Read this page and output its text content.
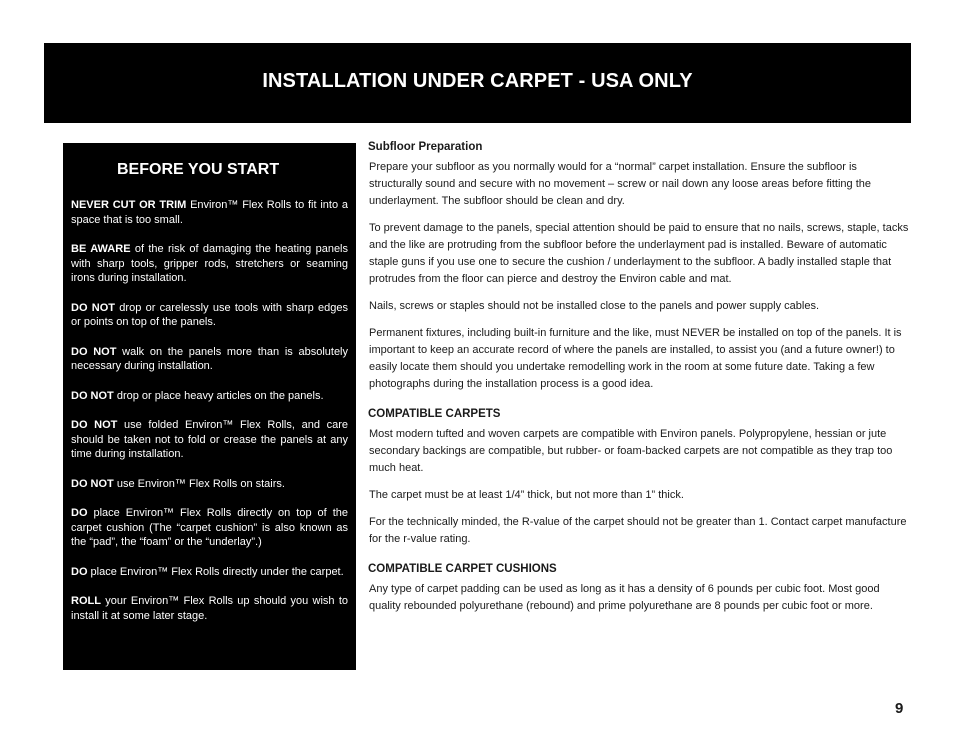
INSTALLATION UNDER CARPET - USA ONLY
BEFORE YOU START

NEVER CUT OR TRIM Environ™ Flex Rolls to fit into a space that is too small.

BE AWARE of the risk of damaging the heating panels with sharp tools, gripper rods, stretchers or seaming irons during installation.

DO NOT drop or carelessly use tools with sharp edges or points on top of the panels.

DO NOT walk on the panels more than is absolutely necessary during installation.

DO NOT drop or place heavy articles on the panels.

DO NOT use folded Environ™ Flex Rolls, and care should be taken not to fold or crease the panels at any time during installation.

DO NOT use Environ™ Flex Rolls on stairs.

DO place Environ™ Flex Rolls directly on top of the carpet cushion (The “carpet cushion” is also known as the “pad”, the “foam” or the “underlay”.)

DO place Environ™ Flex Rolls directly under the carpet.

ROLL your Environ™ Flex Rolls up should you wish to install it at some later stage.

Subfloor Preparation

Prepare your subfloor as you normally would for a “normal” carpet installation. Ensure the subfloor is structurally sound and secure with no movement – screw or nail down any loose areas before fitting the underlayment. The subfloor should be clean and dry.

To prevent damage to the panels, special attention should be paid to ensure that no nails, screws, staple, tacks and the like are protruding from the subfloor before the underlayment pad is installed. Beware of automatic staple guns if you use one to secure the cushion / underlayment to the subfloor. A badly installed staple that protrudes from the floor can pierce and destroy the Environ cable and mat.

Nails, screws or staples should not be installed close to the panels and power supply cables.

Permanent fixtures, including built-in furniture and the like, must NEVER be installed on top of the panels. It is important to keep an accurate record of where the panels are installed, to assist you (and a future owner!) to easily locate them should you undertake remodelling work in the room at some future date. Taking a few photographs during the installation process is a good idea.

COMPATIBLE CARPETS

Most modern tufted and woven carpets are compatible with Environ panels. Polypropylene, hessian or jute secondary backings are compatible, but rubber- or foam-backed carpets are not compatible as they trap too much heat.

The carpet must be at least 1/4” thick, but not more than 1” thick.

For the technically minded, the R-value of the carpet should not be greater than 1. Contact carpet manufacture for the r-value rating.

COMPATIBLE CARPET CUSHIONS

Any type of carpet padding can be used as long as it has a density of 6 pounds per cubic foot. Most good quality rebounded polyurethane (rebound) and prime polyurethane are 8 pounds per cubic foot or more.

9
